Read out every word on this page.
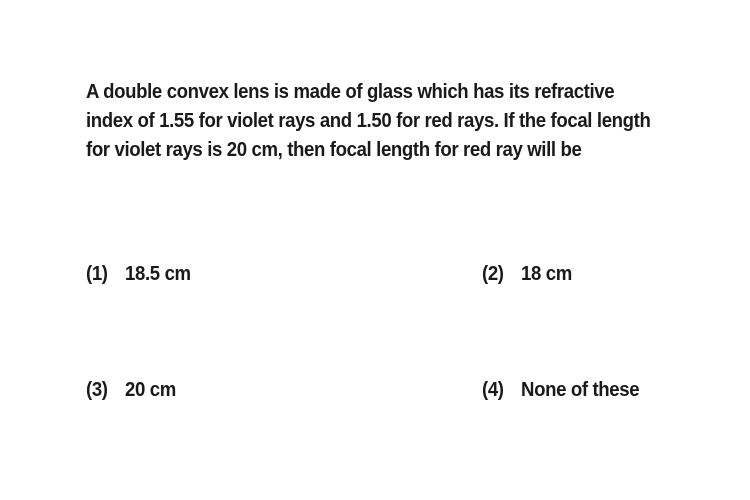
A double convex lens is made of glass which has its refractive
index of 1.55 for violet rays and 1.50 for red rays. If the focal length
for violet rays is 20 cm, then focal length for red ray will be

(1) 18.5 cm	(2) 18 cm
(3) 20 cm	(4) None of these
